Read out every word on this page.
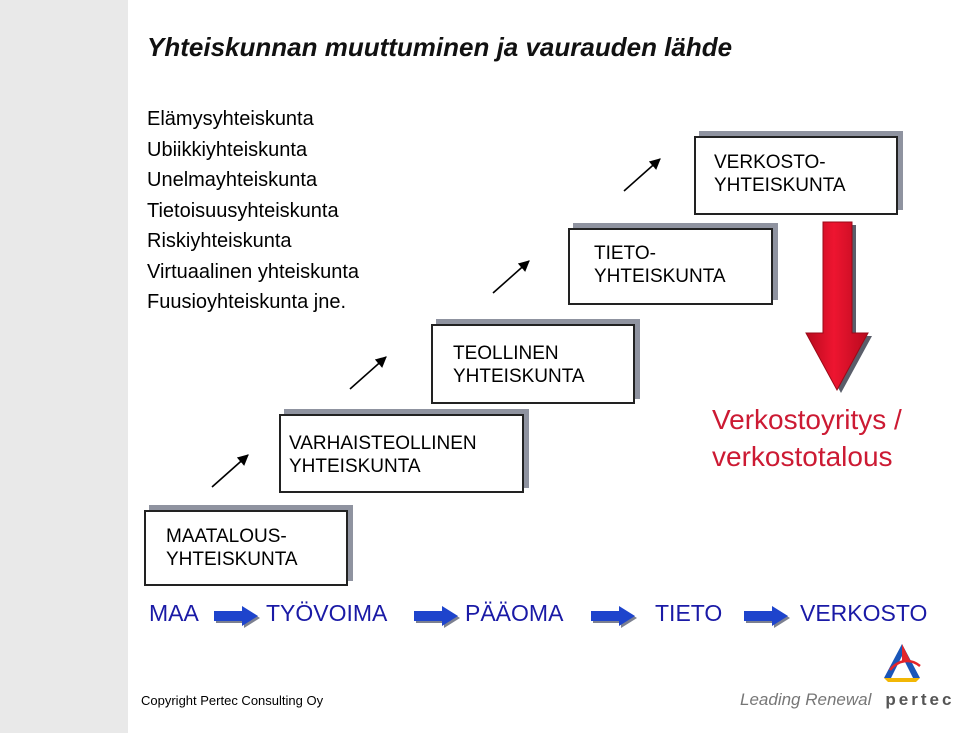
Yhteiskunnan muuttuminen ja vaurauden lähde
Elämysyhteiskunta
Ubiikkiyhteiskunta
Unelmayhteiskunta
Tietoisuusyhteiskunta
Riskiyhteiskunta
Virtuaalinen yhteiskunta
Fuusioyhteiskunta jne.
MAATALOUS-
YHTEISKUNTA
VARHAISTEOLLINEN
YHTEISKUNTA
TEOLLINEN
YHTEISKUNTA
TIETO-
YHTEISKUNTA
VERKOSTO-
YHTEISKUNTA
Verkostoyritys /
verkostotalous
MAA	TYÖVOIMA	PÄÄOMA	TIETO	VERKOSTO
Copyright Pertec Consulting Oy	Leading Renewal pertec
